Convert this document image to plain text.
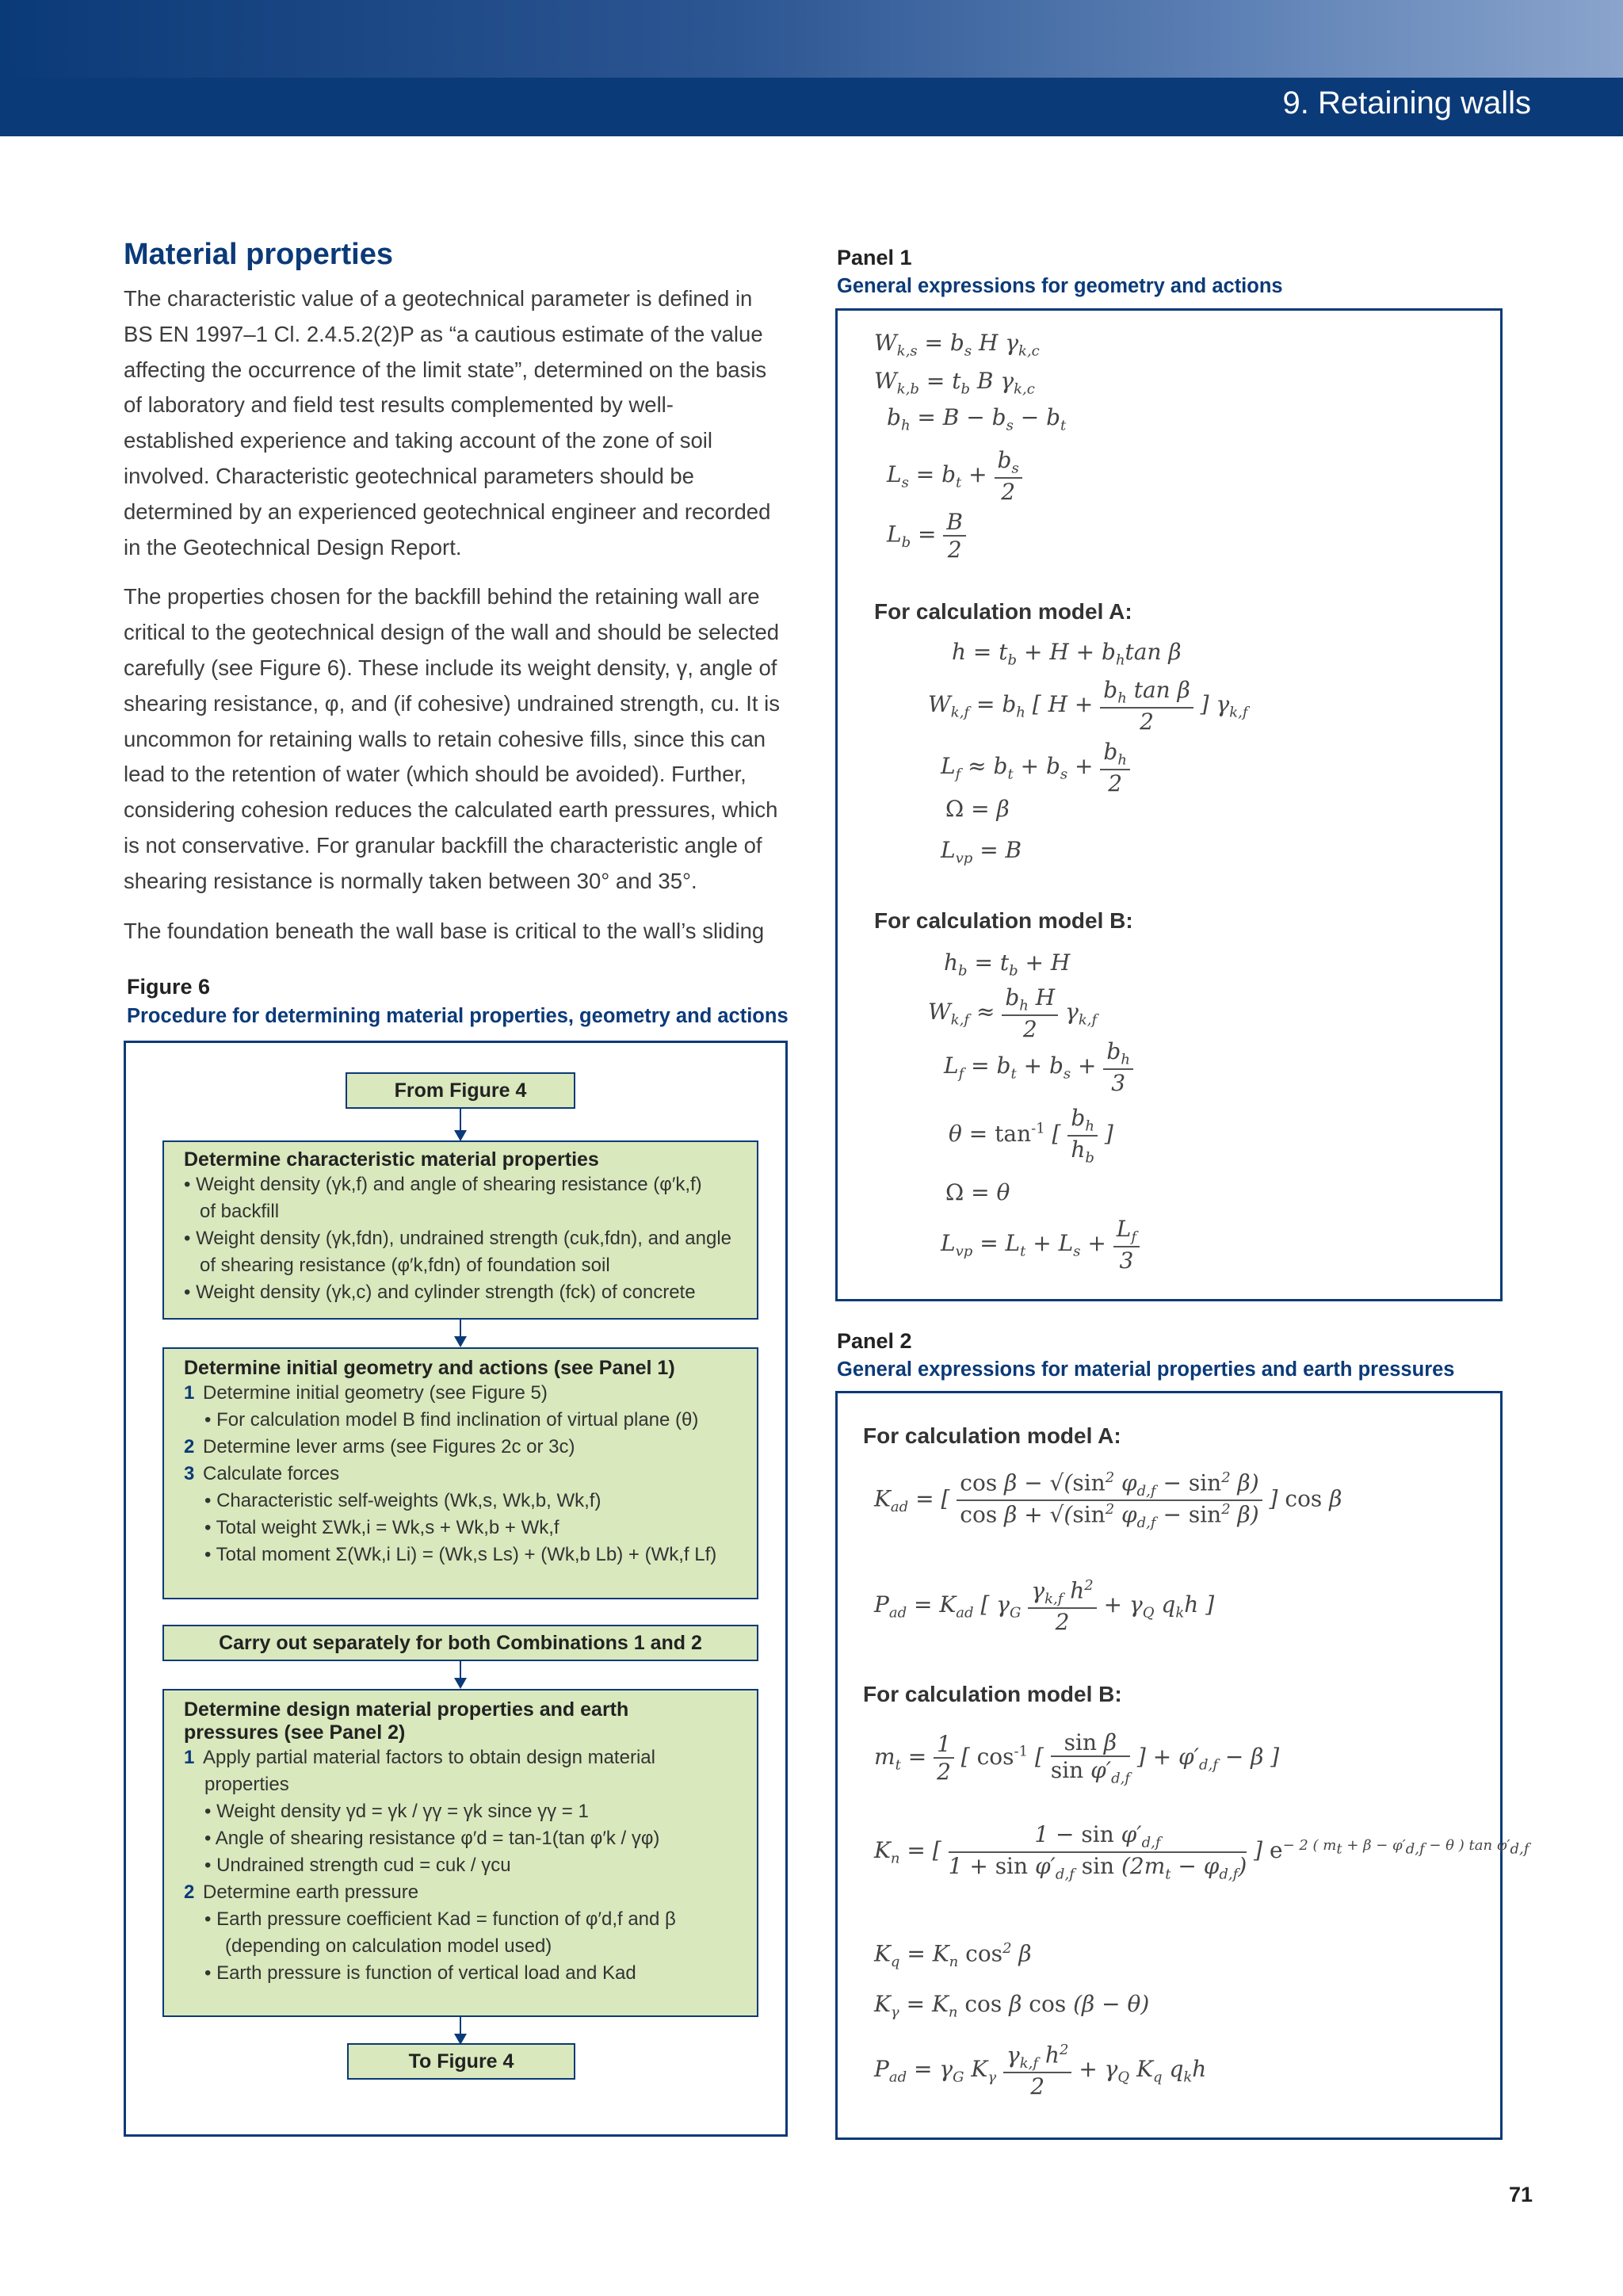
9. Retaining walls
Material properties

The characteristic value of a geotechnical parameter is defined in BS EN 1997–1 Cl. 2.4.5.2(2)P as “a cautious estimate of the value affecting the occurrence of the limit state”, determined on the basis of laboratory and field test results complemented by well-established experience and taking account of the zone of soil involved. Characteristic geotechnical parameters should be determined by an experienced geotechnical engineer and recorded in the Geotechnical Design Report.

The properties chosen for the backfill behind the retaining wall are critical to the geotechnical design of the wall and should be selected carefully (see Figure 6). These include its weight density, γ, angle of shearing resistance, φ, and (if cohesive) undrained strength, cu. It is uncommon for retaining walls to retain cohesive fills, since this can lead to the retention of water (which should be avoided). Further, considering cohesion reduces the calculated earth pressures, which is not conservative. For granular backfill the characteristic angle of shearing resistance is normally taken between 30° and 35°.

The foundation beneath the wall base is critical to the wall’s sliding

Figure 6
Procedure for determining material properties, geometry and actions
From Figure 4
Determine characteristic material properties
• Weight density (γk,f) and angle of shearing resistance (φ′k,f)
of backfill
• Weight density (γk,fdn), undrained strength (cuk,fdn), and angle
of shearing resistance (φ′k,fdn) of foundation soil
• Weight density (γk,c) and cylinder strength (fck) of concrete
Determine initial geometry and actions (see Panel 1)
1 Determine initial geometry (see Figure 5)
• For calculation model B find inclination of virtual plane (θ)
2 Determine lever arms (see Figures 2c or 3c)
3 Calculate forces
• Characteristic self-weights (Wk,s, Wk,b, Wk,f)
• Total weight ΣWk,i = Wk,s + Wk,b + Wk,f
• Total moment Σ(Wk,i Li) = (Wk,s Ls) + (Wk,b Lb) + (Wk,f Lf)
Carry out separately for both Combinations 1 and 2
Determine design material properties and earth
pressures (see Panel 2)
1 Apply partial material factors to obtain design material
properties
• Weight density γd = γk / γγ = γk since γγ = 1
• Angle of shearing resistance φ′d = tan-1(tan φ′k / γφ)
• Undrained strength cud = cuk / γcu
2 Determine earth pressure
• Earth pressure coefficient Kad = function of φ′d,f and β
(depending on calculation model used)
• Earth pressure is function of vertical load and Kad
To Figure 4
Panel 1
General expressions for geometry and actions
$W_{k,s} = b_s$ H $\gamma_{k,c}$
$W_{k,b} = t_b$ B $\gamma_{k,c}$
$b_h = B - b_s - b_t$
$L_s = b_t + \frac{b_s}{2}$
$L_b = \frac{B}{2}$
For calculation model A:
$h = t_b + H + b_h\tan$ β
$W_{k,f} = b_h$ [ $H + \frac{b_h \tan \beta}{2}$ ] $\gamma_{k,f}$
$L_f \approx b_t + b_s + \frac{b_h}{2}$
Ω = β
$L_{vp} = B$
For calculation model B:
$h_b = t_b + H$
$W_{k,f} \approx \frac{b_h H}{2} \gamma_{k,f}$
$L_f = b_t + b_s + \frac{b_h}{3}$
$\theta = \tan^{-1}$ [ $\frac{b_h}{h_b}$ ]
Ω = θ
$L_{vp} = L_t + L_s + \frac{L_f}{3}$
Panel 2
General expressions for material properties and earth pressures
For calculation model A:
$K_{ad}$ = [ $\frac{\cos \beta - √(\sin^2 \varphi_{d,f} - \sin^2 \beta)}{\cos \beta + √(\sin^2 \varphi_{d,f} - \sin^2 \beta)}$ ] cos β
$P_{ad} = K_{ad}$ [ $\gamma_G \frac{\gamma_{k,f} h^2}{2} + \gamma_Q$ $q_kh$ ]
For calculation model B:
$m_t = \frac{1}{2}$ [ $\cos^{-1}$ [ $\frac{\text{sin β}}{\sin \varphi'_{d,f}}$ ] + $\varphi'_{d,f} - \beta$ ]
$K_n$ = [ $\frac{1 - \sin \varphi'_{d,f}}{1 + \sin \varphi'_{d,f} \sin (2m_t - \varphi_{d,f})}$ ] $e^{- 2 ( m_t + \beta - \varphi'_{d,f} - \theta ) tan \varphi'_{d,f}}$
$K_q = K_n$ $\cos^2 \beta$
$K_\gamma = K_n$ cos β cos (β − θ)
$P_{ad} = \gamma_G$ $K_\gamma \frac{\gamma_{k,f} h^2}{2} + \gamma_Q$ $K_q$ $q_kh$
71
